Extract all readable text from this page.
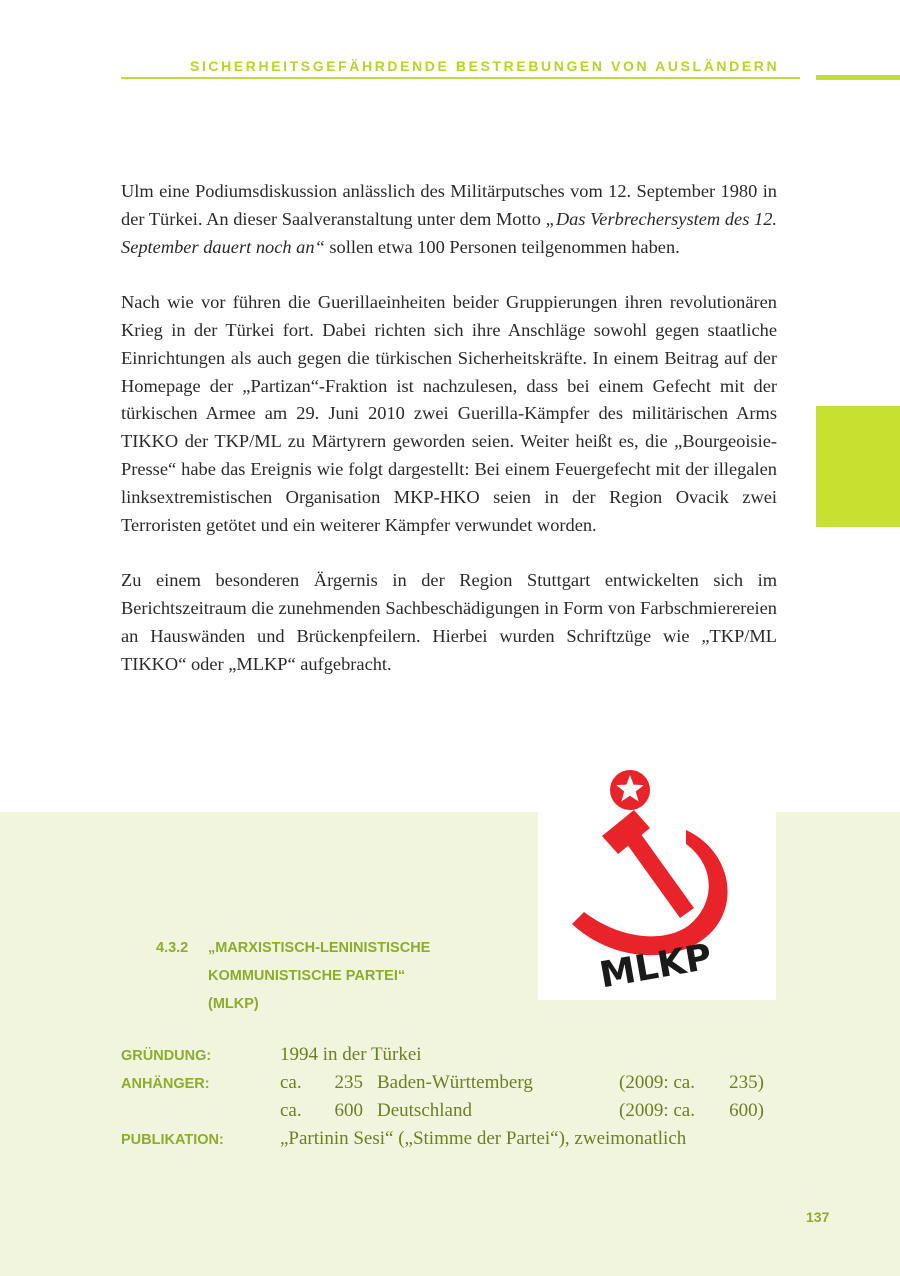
SICHERHEITSGEFÄHRDENDE BESTREBUNGEN VON AUSLÄNDERN

Ulm eine Podiumsdiskussion anlässlich des Militärputsches vom 12. September 1980 in der Türkei. An dieser Saalveranstaltung unter dem Motto „Das Verbrechersystem des 12. September dauert noch an“ sollen etwa 100 Personen teilgenommen haben.

Nach wie vor führen die Guerillaeinheiten beider Gruppierungen ihren revolutionären Krieg in der Türkei fort. Dabei richten sich ihre Anschläge sowohl gegen staatliche Einrichtungen als auch gegen die türkischen Sicherheitskräfte. In einem Beitrag auf der Homepage der „Partizan“-Fraktion ist nachzulesen, dass bei einem Gefecht mit der türkischen Armee am 29. Juni 2010 zwei Guerilla-Kämpfer des militärischen Arms TIKKO der TKP/ML zu Märtyrern geworden seien. Weiter heißt es, die „Bourgeoisie-Presse“ habe das Ereignis wie folgt dargestellt: Bei einem Feuergefecht mit der illegalen linksextremistischen Organisation MKP-HKO seien in der Region Ovacik zwei Terroristen getötet und ein weiterer Kämpfer verwundet worden.

Zu einem besonderen Ärgernis in der Region Stuttgart entwickelten sich im Berichtszeitraum die zunehmenden Sachbeschädigungen in Form von Farbschmierereien an Hauswänden und Brückenpfeilern. Hierbei wurden Schriftzüge wie „TKP/ML TIKKO“ oder „MLKP“ aufgebracht.

MLKP
4.3.2 „MARXISTISCH-LENINISTISCHE
KOMMUNISTISCHE PARTEI“
(MLKP)
GRÜNDUNG:	1994 in der Türkei
ANHÄNGER:	ca.	235 Baden-Württemberg	(2009: ca.	235)
ca.	600 Deutschland	(2009: ca.	600)
PUBLIKATION:	„Partinin Sesi“ („Stimme der Partei“), zweimonatlich
137
